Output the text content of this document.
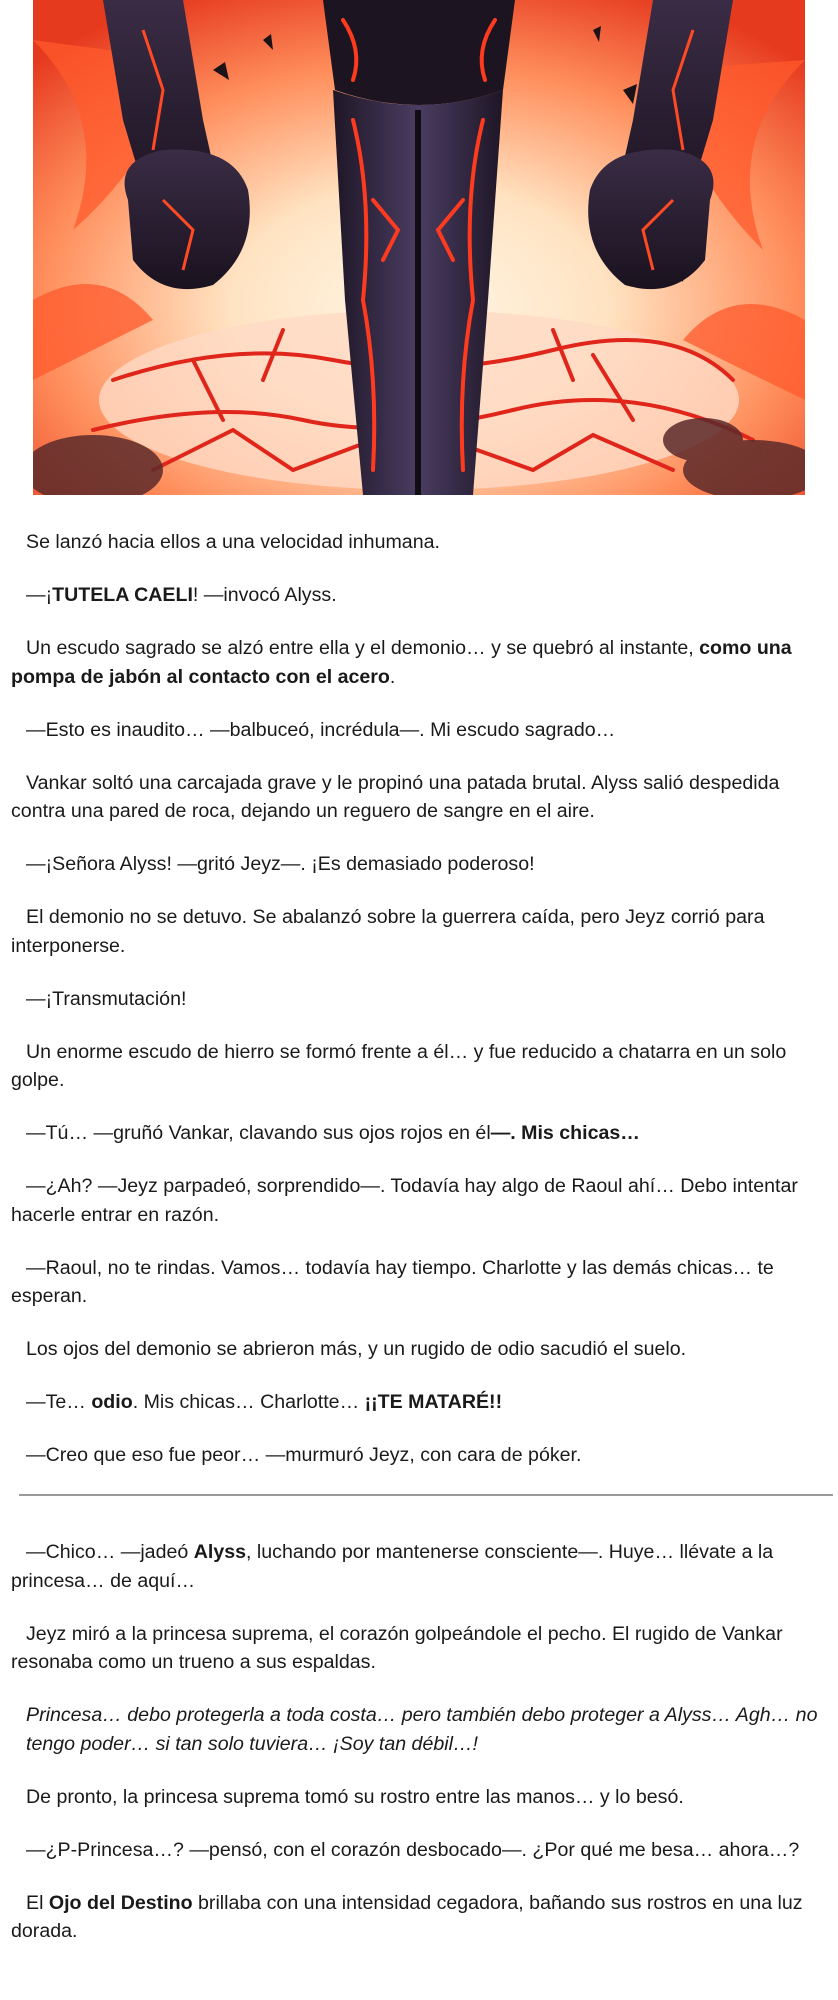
Se lanzó hacia ellos a una velocidad inhumana.

—¡TUTELA CAELI! —invocó Alyss.

Un escudo sagrado se alzó entre ella y el demonio… y se quebró al instante, como una pompa de jabón al contacto con el acero.

—Esto es inaudito… —balbuceó, incrédula—. Mi escudo sagrado…

Vankar soltó una carcajada grave y le propinó una patada brutal. Alyss salió despedida contra una pared de roca, dejando un reguero de sangre en el aire.

—¡Señora Alyss! —gritó Jeyz—. ¡Es demasiado poderoso!

El demonio no se detuvo. Se abalanzó sobre la guerrera caída, pero Jeyz corrió para interponerse.

—¡Transmutación!

Un enorme escudo de hierro se formó frente a él… y fue reducido a chatarra en un solo golpe.

—Tú… —gruñó Vankar, clavando sus ojos rojos en él—. Mis chicas…

—¿Ah? —Jeyz parpadeó, sorprendido—. Todavía hay algo de Raoul ahí… Debo intentar hacerle entrar en razón.

—Raoul, no te rindas. Vamos… todavía hay tiempo. Charlotte y las demás chicas… te esperan.

Los ojos del demonio se abrieron más, y un rugido de odio sacudió el suelo.

—Te… odio. Mis chicas… Charlotte… ¡¡TE MATARÉ!!

—Creo que eso fue peor… —murmuró Jeyz, con cara de póker.

—Chico… —jadeó Alyss, luchando por mantenerse consciente—. Huye… llévate a la princesa… de aquí…

Jeyz miró a la princesa suprema, el corazón golpeándole el pecho. El rugido de Vankar resonaba como un trueno a sus espaldas.

Princesa… debo protegerla a toda costa… pero también debo proteger a Alyss… Agh… no tengo poder… si tan solo tuviera… ¡Soy tan débil…!

De pronto, la princesa suprema tomó su rostro entre las manos… y lo besó.

—¿P-Princesa…? —pensó, con el corazón desbocado—. ¿Por qué me besa… ahora…?

El Ojo del Destino brillaba con una intensidad cegadora, bañando sus rostros en una luz dorada.
